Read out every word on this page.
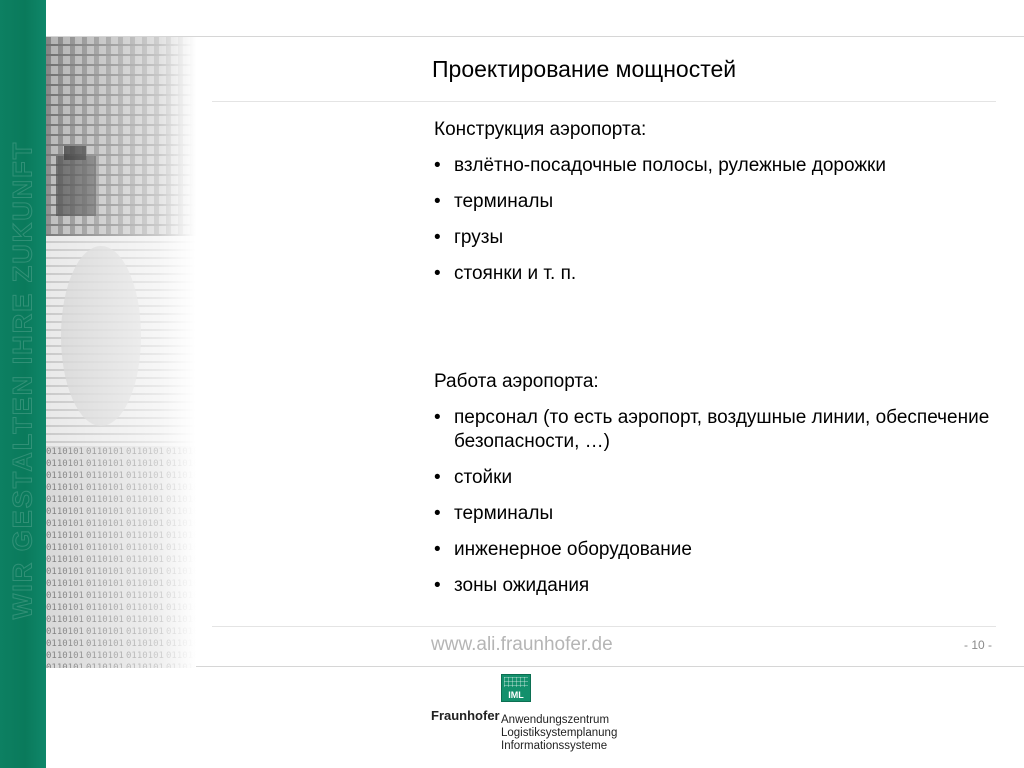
WIR GESTALTEN IHRE ZUKUNFT
Проектирование мощностей
Конструкция аэропорта:
• взлётно-посадочные полосы, рулежные дорожки
• терминалы
• грузы
• стоянки и т. п.
Работа аэропорта:
• персонал (то есть аэропорт, воздушные линии, обеспечение безопасности, …)
• стойки
• терминалы
• инженерное оборудование
• зоны ожидания
www.ali.fraunhofer.de	- 10 -
IML
Fraunhofer Anwendungszentrum
Logistiksystemplanung
Informationssysteme
